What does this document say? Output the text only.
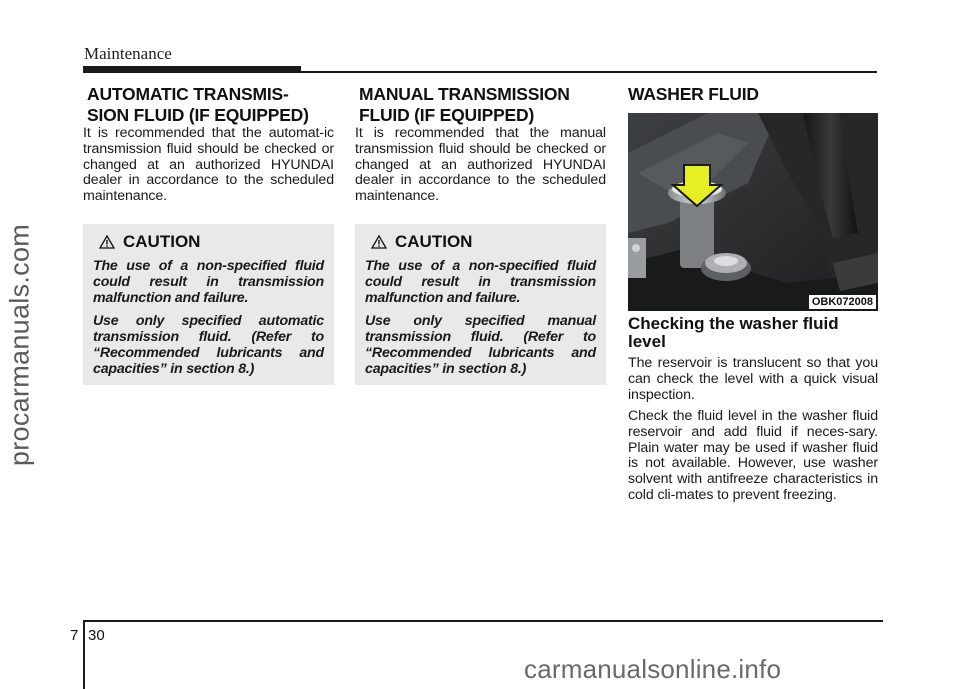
procarmanuals.com
Maintenance
AUTOMATIC TRANSMIS-
SION FLUID (IF EQUIPPED)

It is recommended that the automat-ic transmission fluid should be checked or changed at an authorized HYUNDAI dealer in accordance to the scheduled maintenance.

CAUTION

The use of a non-specified fluid could result in transmission malfunction and failure.

Use only specified automatic transmission fluid. (Refer to “Recommended lubricants and capacities” in section 8.)

MANUAL TRANSMISSION
FLUID (IF EQUIPPED)

It is recommended that the manual transmission fluid should be checked or changed at an authorized HYUNDAI dealer in accordance to the scheduled maintenance.

CAUTION

The use of a non-specified fluid could result in transmission malfunction and failure.

Use only specified manual transmission fluid. (Refer to “Recommended lubricants and capacities” in section 8.)

WASHER FLUID
OBK072008
Checking the washer fluid level

The reservoir is translucent so that you can check the level with a quick visual inspection.

Check the fluid level in the washer fluid reservoir and add fluid if neces-sary. Plain water may be used if washer fluid is not available. However, use washer solvent with antifreeze characteristics in cold cli-mates to prevent freezing.

7 30
carmanualsonline.info
